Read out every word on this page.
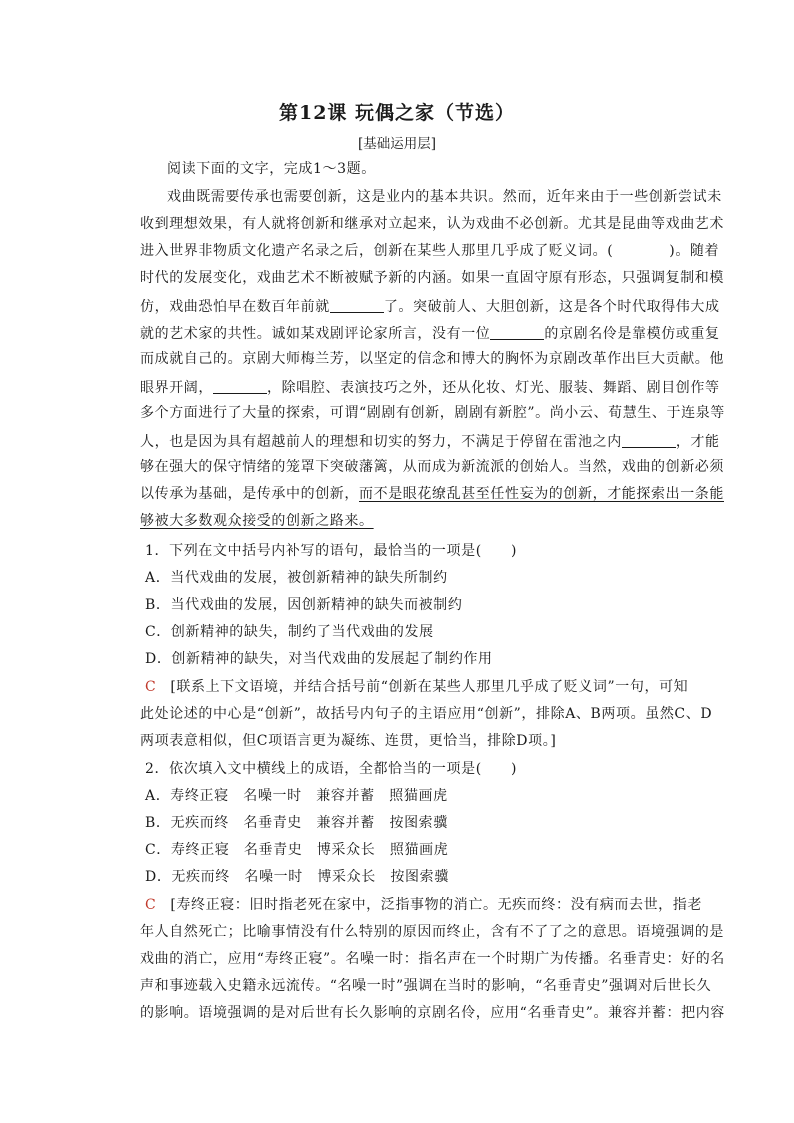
第12课 玩偶之家（节选）
[基础运用层]
阅读下面的文字，完成1～3题。
戏曲既需要传承也需要创新，这是业内的基本共识。然而，近年来由于一些创新尝试未
收到理想效果，有人就将创新和继承对立起来，认为戏曲不必创新。尤其是昆曲等戏曲艺术
进入世界非物质文化遗产名录之后，创新在某些人那里几乎成了贬义词。(	)。随着
时代的发展变化，戏曲艺术不断被赋予新的内涵。如果一直固守原有形态，只强调复制和模
仿，戏曲恐怕早在数百年前就	了。突破前人、大胆创新，这是各个时代取得伟大成
就的艺术家的共性。诚如某戏剧评论家所言，没有一位	的京剧名伶是靠模仿或重复
而成就自己的。京剧大师梅兰芳，以坚定的信念和博大的胸怀为京剧改革作出巨大贡献。他
眼界开阔，	，除唱腔、表演技巧之外，还从化妆、灯光、服装、舞蹈、剧目创作等
多个方面进行了大量的探索，可谓“剧剧有创新，剧剧有新腔”。尚小云、荀慧生、于连泉等
人，也是因为具有超越前人的理想和切实的努力，不满足于停留在雷池之内	，才能
够在强大的保守情绪的笼罩下突破藩篱，从而成为新流派的创始人。当然，戏曲的创新必须
以传承为基础，是传承中的创新，而不是眼花缭乱甚至任性妄为的创新，才能探索出一条能
够被大多数观众接受的创新之路来。
1．下列在文中括号内补写的语句，最恰当的一项是(　　)
A．当代戏曲的发展，被创新精神的缺失所制约
B．当代戏曲的发展，因创新精神的缺失而被制约
C．创新精神的缺失，制约了当代戏曲的发展
D．创新精神的缺失，对当代戏曲的发展起了制约作用
C [联系上下文语境，并结合括号前“创新在某些人那里几乎成了贬义词”一句，可知
此处论述的中心是“创新”，故括号内句子的主语应用“创新”，排除A、B两项。虽然C、D
两项表意相似，但C项语言更为凝练、连贯，更恰当，排除D项。]
2．依次填入文中横线上的成语，全都恰当的一项是(　　)
A．寿终正寝　名噪一时　兼容并蓄　照猫画虎
B．无疾而终　名垂青史　兼容并蓄　按图索骥
C．寿终正寝　名垂青史　博采众长　照猫画虎
D．无疾而终　名噪一时　博采众长　按图索骥
C [寿终正寝：旧时指老死在家中，泛指事物的消亡。无疾而终：没有病而去世，指老
年人自然死亡；比喻事情没有什么特别的原因而终止，含有不了了之的意思。语境强调的是
戏曲的消亡，应用“寿终正寝”。名噪一时：指名声在一个时期广为传播。名垂青史：好的名
声和事迹载入史籍永远流传。“名噪一时”强调在当时的影响，“名垂青史”强调对后世长久
的影响。语境强调的是对后世有长久影响的京剧名伶，应用“名垂青史”。兼容并蓄：把内容
